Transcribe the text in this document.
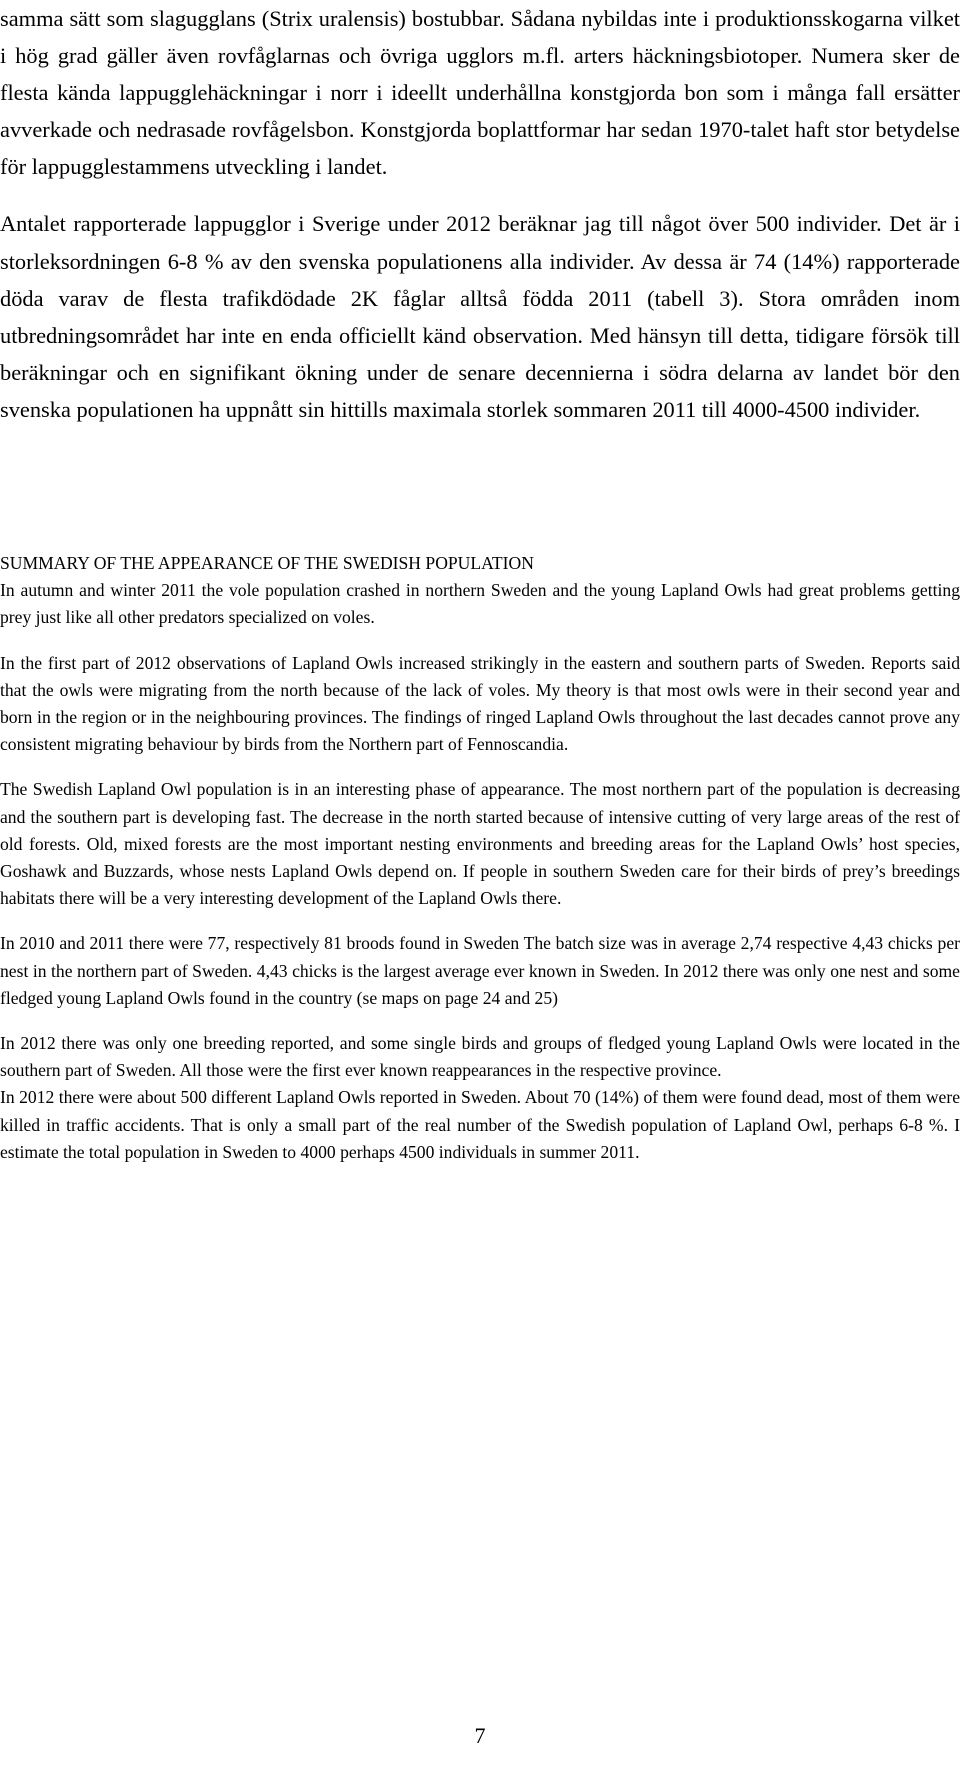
samma sätt som slagugglans (Strix uralensis) bostubbar. Sådana nybildas inte i produktionsskogarna vilket i hög grad gäller även rovfåglarnas och övriga ugglors m.fl. arters häckningsbiotoper. Numera sker de flesta kända lappugglehäckningar i norr i ideellt underhållna konstgjorda bon som i många fall ersätter avverkade och nedrasade rovfågelsbon. Konstgjorda boplattformar har sedan 1970-talet haft stor betydelse för lappugglestammens utveckling i landet.

Antalet rapporterade lappugglor i Sverige under 2012 beräknar jag till något över 500 individer. Det är i storleksordningen 6-8 % av den svenska populationens alla individer. Av dessa är 74 (14%) rapporterade döda varav de flesta trafikdödade 2K fåglar alltså födda 2011 (tabell 3). Stora områden inom utbredningsområdet har inte en enda officiellt känd observation. Med hänsyn till detta, tidigare försök till beräkningar och en signifikant ökning under de senare decennierna i södra delarna av landet bör den svenska populationen ha uppnått sin hittills maximala storlek sommaren 2011 till 4000-4500 individer.

SUMMARY OF THE APPEARANCE OF THE SWEDISH POPULATION

In autumn and winter 2011 the vole population crashed in northern Sweden and the young Lapland Owls had great problems getting prey just like all other predators specialized on voles.

In the first part of 2012 observations of Lapland Owls increased strikingly in the eastern and southern parts of Sweden. Reports said that the owls were migrating from the north because of the lack of voles. My theory is that most owls were in their second year and born in the region or in the neighbouring provinces. The findings of ringed Lapland Owls throughout the last decades cannot prove any consistent migrating behaviour by birds from the Northern part of Fennoscandia.

The Swedish Lapland Owl population is in an interesting phase of appearance. The most northern part of the population is decreasing and the southern part is developing fast. The decrease in the north started because of intensive cutting of very large areas of the rest of old forests. Old, mixed forests are the most important nesting environments and breeding areas for the Lapland Owls’ host species, Goshawk and Buzzards, whose nests Lapland Owls depend on. If people in southern Sweden care for their birds of prey’s breedings habitats there will be a very interesting development of the Lapland Owls there.

In 2010 and 2011 there were 77, respectively 81 broods found in Sweden The batch size was in average 2,74 respective 4,43 chicks per nest in the northern part of Sweden. 4,43 chicks is the largest average ever known in Sweden. In 2012 there was only one nest and some fledged young Lapland Owls found in the country (se maps on page 24 and 25)

In 2012 there was only one breeding reported, and some single birds and groups of fledged young Lapland Owls were located in the southern part of Sweden. All those were the first ever known reappearances in the respective province.

In 2012 there were about 500 different Lapland Owls reported in Sweden. About 70 (14%) of them were found dead, most of them were killed in traffic accidents. That is only a small part of the real number of the Swedish population of Lapland Owl, perhaps 6-8 %. I estimate the total population in Sweden to 4000 perhaps 4500 individuals in summer 2011.

7
